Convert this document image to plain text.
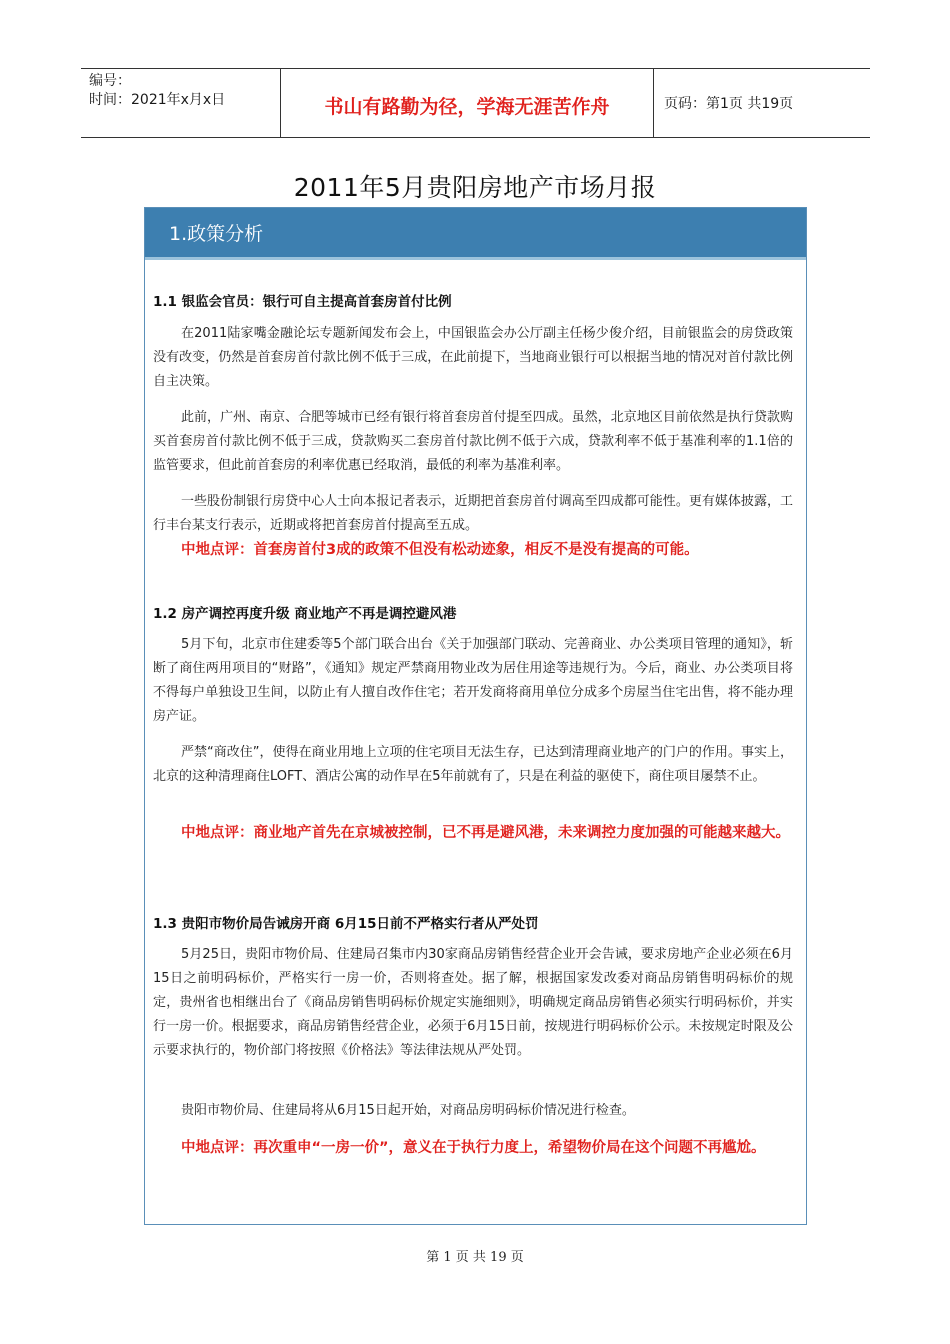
编号：
时间：2021年x月x日	书山有路勤为径，学海无涯苦作舟	页码：第1页 共19页
2011年5月贵阳房地产市场月报
1.政策分析
1.1 银监会官员：银行可自主提高首套房首付比例
在2011陆家嘴金融论坛专题新闻发布会上，中国银监会办公厅副主任杨少俊介绍，目前银监会的房贷政策没有改变，仍然是首套房首付款比例不低于三成，在此前提下，当地商业银行可以根据当地的情况对首付款比例自主决策。
此前，广州、南京、合肥等城市已经有银行将首套房首付提至四成。虽然，北京地区目前依然是执行贷款购买首套房首付款比例不低于三成，贷款购买二套房首付款比例不低于六成，贷款利率不低于基准利率的1.1倍的监管要求，但此前首套房的利率优惠已经取消，最低的利率为基准利率。
一些股份制银行房贷中心人士向本报记者表示，近期把首套房首付调高至四成都可能性。更有媒体披露，工行丰台某支行表示，近期或将把首套房首付提高至五成。
中地点评：首套房首付3成的政策不但没有松动迹象，相反不是没有提高的可能。
1.2 房产调控再度升级 商业地产不再是调控避风港
5月下旬，北京市住建委等5个部门联合出台《关于加强部门联动、完善商业、办公类项目管理的通知》，斩断了商住两用项目的“财路”，《通知》规定严禁商用物业改为居住用途等违规行为。今后，商业、办公类项目将不得每户单独设卫生间，以防止有人擅自改作住宅；若开发商将商用单位分成多个房屋当住宅出售，将不能办理房产证。
严禁“商改住”，使得在商业用地上立项的住宅项目无法生存，已达到清理商业地产的门户的作用。事实上，北京的这种清理商住LOFT、酒店公寓的动作早在5年前就有了，只是在利益的驱使下，商住项目屡禁不止。
中地点评：商业地产首先在京城被控制，已不再是避风港，未来调控力度加强的可能越来越大。
1.3 贵阳市物价局告诫房开商 6月15日前不严格实行者从严处罚
5月25日，贵阳市物价局、住建局召集市内30家商品房销售经营企业开会告诫，要求房地产企业必须在6月15日之前明码标价，严格实行一房一价，否则将查处。据了解，根据国家发改委对商品房销售明码标价的规定，贵州省也相继出台了《商品房销售明码标价规定实施细则》，明确规定商品房销售必须实行明码标价，并实行一房一价。根据要求，商品房销售经营企业，必须于6月15日前，按规进行明码标价公示。未按规定时限及公示要求执行的，物价部门将按照《价格法》等法律法规从严处罚。
贵阳市物价局、住建局将从6月15日起开始，对商品房明码标价情况进行检查。
中地点评：再次重申“一房一价”，意义在于执行力度上，希望物价局在这个问题不再尴尬。
第 1 页 共 19 页
